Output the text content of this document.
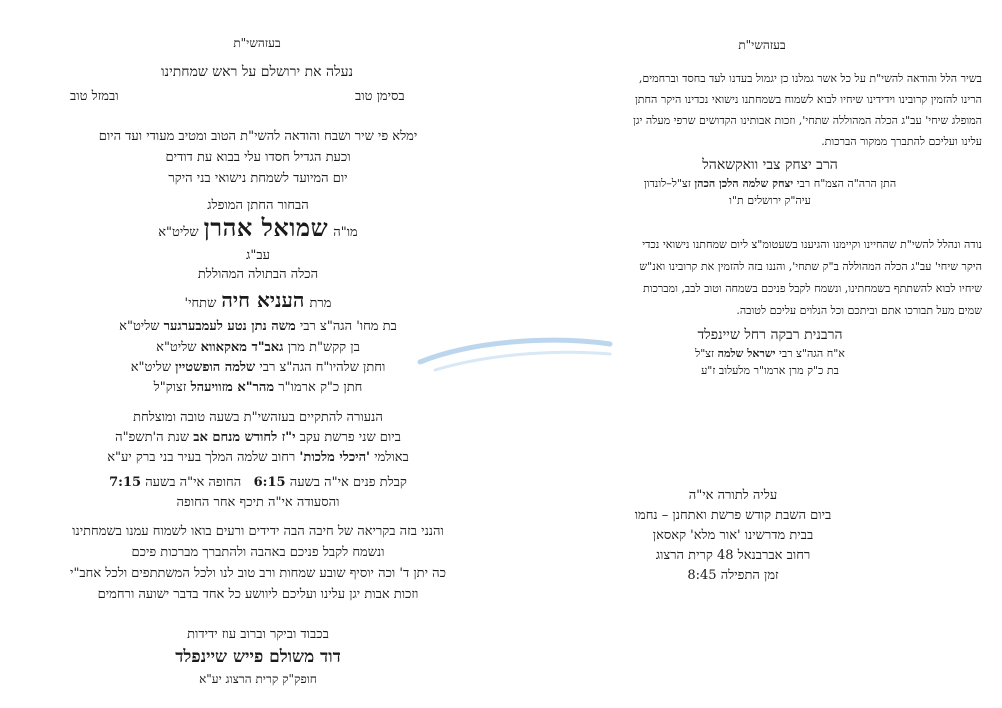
בעזהשי"ת
נעלה את ירושלם על ראש שמחתינו
בסימן טוב
ובמזל טוב
ימלא פי שיר ושבח והודאה להשי"ת הטוב ומטיב מעודי ועד היום
וכעת הגדיל חסדו עלי בבוא עת דודים
יום המיועד לשמחת נישואי בני היקר
הבחור החתן המופלג
מו"ה שמואל אהרן שליט"א
עב"ג
הכלה הבתולה המהוללת
מרת העניא חיה שתחי'
בת מחו' הגה"צ רבי משה נתן נטע לעמבערגער שליט"א
בן קקש"ת מרן גאב"ד מאקאווא שליט"א
וחתן שלהיו"ח הגה"צ רבי שלמה הופשטיין שליט"א
חתן כ"ק ארמו"ר מהר"א מזוויעהל זצוק"ל
הנעורה להתקיים בעזהשי"ת בשעה טובה ומוצלחת
ביום שני פרשת עקב י"ז לחודש מנחם אב שנת ה'תשפ"ה
באולמי 'היכלי מלכות' רחוב שלמה המלך בעיר בני ברק יע"א
קבלת פנים אי"ה בשעה 6:15   החופה אי"ה בשעה 7:15
והסעודה אי"ה תיכף אחר החופה
והנני בזה בקריאה של חיבה הבה ידידים ורעים בואו לשמוח עמנו בשמחתינו
ונשמח לקבל פניכם באהבה ולהתברך מברכות פיכם
כה יתן ד' וכה יוסיף שובע שמחות ורב טוב לנו ולכל המשתתפים ולכל אחב"י
וזכות אבות יגן עלינו ועליכם ליוושע כל אחד בדבר ישועה ורחמים
בכבוד וביקר וברוב עוז ידידות
דוד משולם פייש שיינפלד
חופק"ק קרית הרצוג יע"א
בעזהשי"ת
בשיר הלל והודאה להשי"ת על כל אשר גמלנו כן יגמול בעדנו לעד בחסד וברחמים,
הרינו להזמין קרובינו וידידינו שיחיו לבוא לשמוח בשמחתנו נישואי נכדינו היקר החתן
המופלג שיחי' עב"ג הכלה המהוללה שתחי', וזכות אבותינו הקדושים שרפי מעלה יגן
עלינו ועליכם להתברך ממקור הברכות.
הרב יצחק צבי וואקשאהל
התן הרה"ה הצמ"ח רבי יצחק שלמה הלכן הכהן זצ"ל–לונדון
עיה"ק ירושלים ת"ו
נודה ונהלל להשי"ת שהחיינו וקיימנו והגיענו בשעטומ"צ ליום שמחתנו נישואי נכדי
היקר שיחי' עב"ג הכלה המהוללה ב"ק שתחי', והננו בזה להזמין את קרובינו ואנ"ש
שיחיו לבוא להשתתף בשמחתינו, ונשמח לקבל פניכם בשמחה וטוב לבב, ומברכות
שמים מעל תבורכו אתם וביתכם וכל הנלוים עליכם לטובה.
הרבנית רבקה רחל שיינפלד
א"ח הגה"צ רבי ישראל שלמה זצ"ל
בת כ"ק מרן ארמו"ר מלעלוב ז"ע
עליה לתורה אי"ה
ביום השבת קודש פרשת ואתחנן – נחמו
בבית מדרשינו 'אור מלא' קאסאן
רחוב אברבנאל 48 קרית הרצוג
זמן התפילה 8:45
